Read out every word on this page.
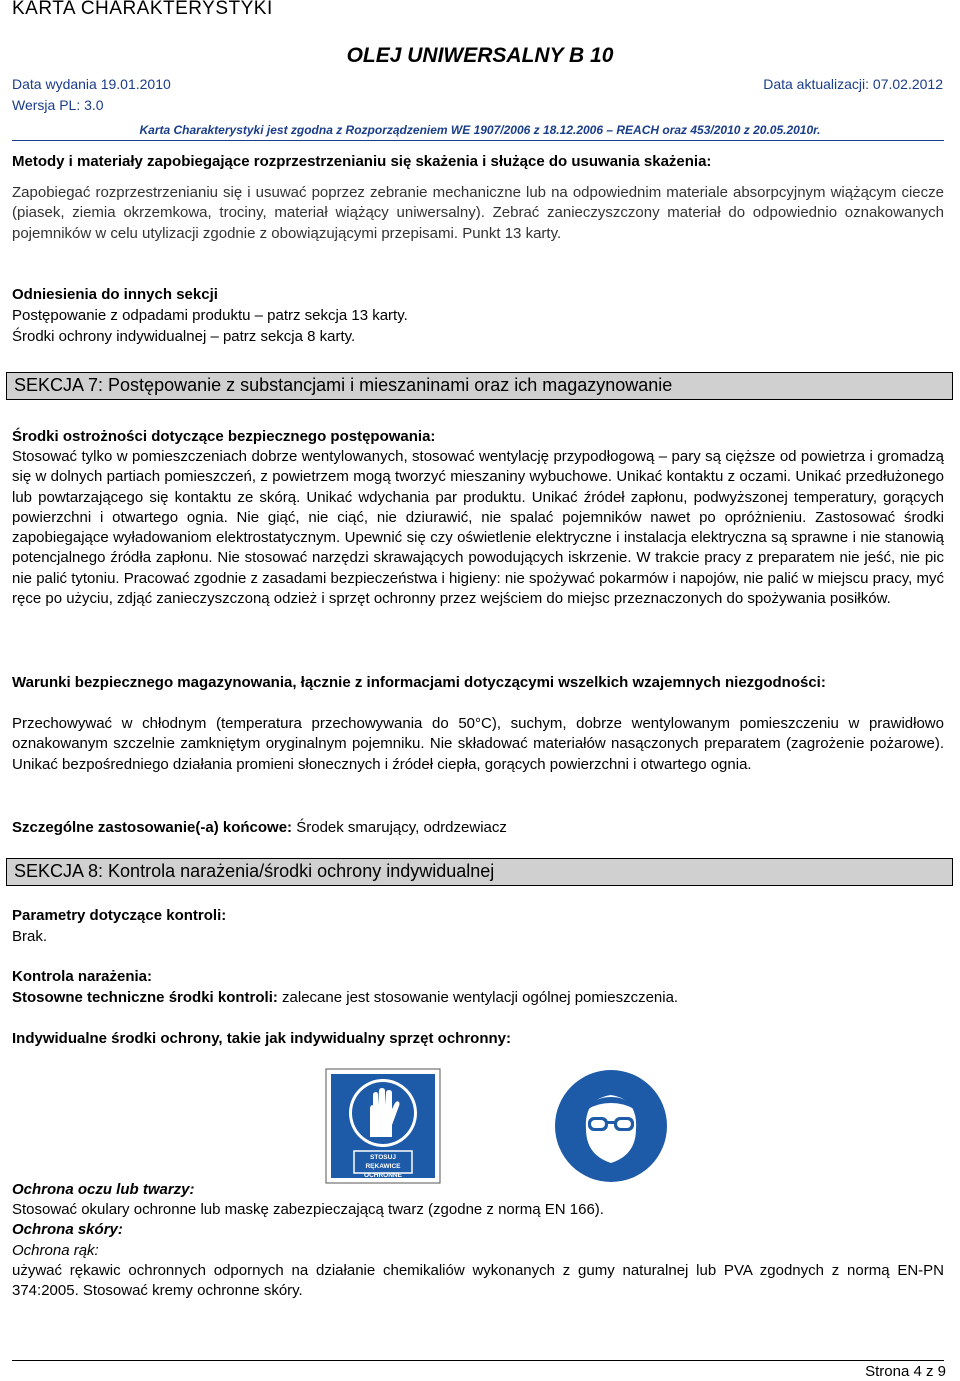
KARTA CHARAKTERYSTYKI
OLEJ UNIWERSALNY B 10
Data wydania 19.01.2010	Data aktualizacji: 07.02.2012
Wersja PL: 3.0
Karta Charakterystyki jest zgodna z Rozporządzeniem WE 1907/2006 z 18.12.2006 – REACH oraz 453/2010 z 20.05.2010r.
Metody i materiały zapobiegające rozprzestrzenianiu się skażenia i służące do usuwania skażenia:
Zapobiegać rozprzestrzenianiu się i usuwać poprzez zebranie mechaniczne lub na odpowiednim materiale absorpcyjnym wiążącym ciecze (piasek, ziemia okrzemkowa, trociny, materiał wiążący uniwersalny). Zebrać zanieczyszczony materiał do odpowiednio oznakowanych pojemników w celu utylizacji zgodnie z obowiązującymi przepisami. Punkt 13 karty.
Odniesienia do innych sekcji
Postępowanie z odpadami produktu – patrz sekcja 13 karty.
Środki ochrony indywidualnej – patrz sekcja 8 karty.
SEKCJA 7: Postępowanie z substancjami i mieszaninami oraz ich magazynowanie
Środki ostrożności dotyczące bezpiecznego postępowania:
Stosować tylko w pomieszczeniach dobrze wentylowanych, stosować wentylację przypodłogową – pary są cięższe od powietrza i gromadzą się w dolnych partiach pomieszczeń, z powietrzem mogą tworzyć mieszaniny wybuchowe. Unikać kontaktu z oczami. Unikać przedłużonego lub powtarzającego się kontaktu ze skórą. Unikać wdychania par produktu. Unikać źródeł zapłonu, podwyższonej temperatury, gorących powierzchni i otwartego ognia. Nie giąć, nie ciąć, nie dziurawić, nie spalać pojemników nawet po opróżnieniu. Zastosować środki zapobiegające wyładowaniom elektrostatycznym. Upewnić się czy oświetlenie elektryczne i instalacja elektryczna są sprawne i nie stanowią potencjalnego źródła zapłonu. Nie stosować narzędzi skrawających powodujących iskrzenie. W trakcie pracy z preparatem nie jeść, nie pic nie palić tytoniu. Pracować zgodnie z zasadami bezpieczeństwa i higieny: nie spożywać pokarmów i napojów, nie palić w miejscu pracy, myć ręce po użyciu, zdjąć zanieczyszczoną odzież i sprzęt ochronny przez wejściem do miejsc przeznaczonych do spożywania posiłków.
Warunki bezpiecznego magazynowania, łącznie z informacjami dotyczącymi wszelkich wzajemnych niezgodności:
Przechowywać w chłodnym (temperatura przechowywania do 50°C), suchym, dobrze wentylowanym pomieszczeniu w prawidłowo oznakowanym szczelnie zamkniętym oryginalnym pojemniku. Nie składować materiałów nasączonych preparatem (zagrożenie pożarowe). Unikać bezpośredniego działania promieni słonecznych i źródeł ciepła, gorących powierzchni i otwartego ognia.
Szczególne zastosowanie(-a) końcowe: Środek smarujący, odrdzewiacz
SEKCJA 8: Kontrola narażenia/środki ochrony indywidualnej
Parametry dotyczące kontroli:
Brak.
Kontrola narażenia:
Stosowne techniczne środki kontroli: zalecane jest stosowanie wentylacji ogólnej pomieszczenia.
Indywidualne środki ochrony, takie jak indywidualny sprzęt ochronny:
STOSUJ RĘKAWICE OCHRONNE
Ochrona oczu lub twarzy:
Stosować okulary ochronne lub maskę zabezpieczającą twarz (zgodne z normą EN 166).
Ochrona skóry:
Ochrona rąk:
używać rękawic ochronnych odpornych na działanie chemikaliów wykonanych z gumy naturalnej lub PVA zgodnych z normą EN-PN 374:2005. Stosować kremy ochronne skóry.
Strona 4 z 9
